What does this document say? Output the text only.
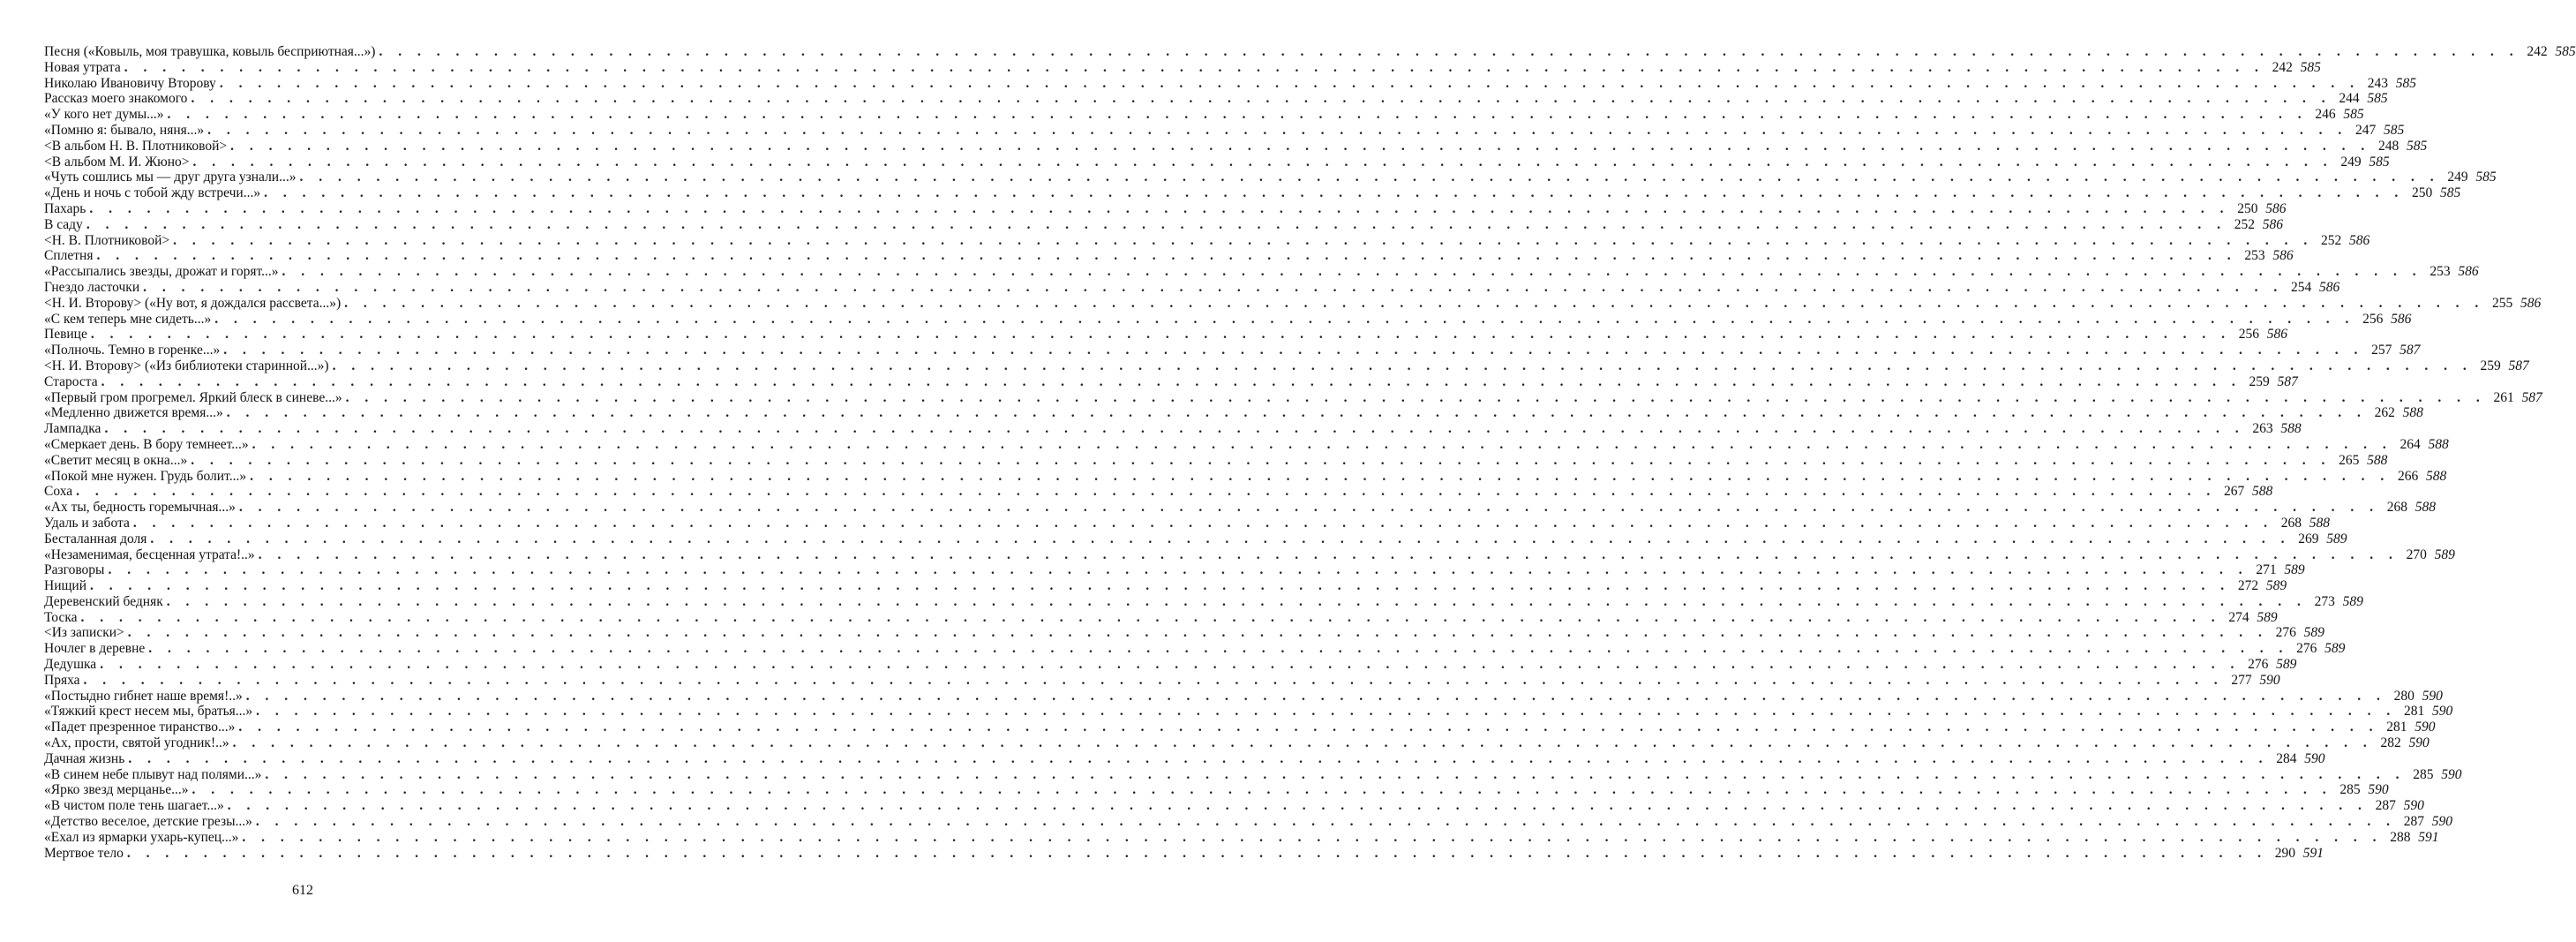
Песня («Ковыль, моя травушка, ковыль бесприютная...») . . .	242 585
Новая утрата . . .	242 585
Николаю Ивановичу Второву . . .	243 585
Рассказ моего знакомого . . .	244 585
«У кого нет думы...» . . .	246 585
«Помню я: бывало, няня...» . . .	247 585
<В альбом Н. В. Плотниковой> . . .	248 585
<В альбом М. И. Жюно> . . .	249 585
«Чуть сошлись мы — друг друга узнали...» . . .	249 585
«День и ночь с тобой жду встречи...» . . .	250 585
Пахарь . . .	250 586
В саду . . .	252 586
<Н. В. Плотниковой> . . .	252 586
Сплетня . . .	253 586
«Рассыпались звезды, дрожат и горят...» . . .	253 586
Гнездо ласточки . . .	254 586
<Н. И. Второву> («Ну вот, я дождался рассвета...») . . .	255 586
«С кем теперь мне сидеть...» . . .	256 586
Певице . . .	256 586
«Полночь. Темно в горенке...» . . .	257 587
<Н. И. Второву> («Из библиотеки старинной...») . . .	259 587
Староста . . .	259 587
«Первый гром прогремел. Яркий блеск в синеве...» . . .	261 587
«Медленно движется время...» . . .	262 588
Лампадка . . .	263 588
«Смеркает день. В бору темнеет...» . . .	264 588
«Светит месяц в окна...» . . .	265 588
«Покой мне нужен. Грудь болит...» . . .	266 588
Соха . . .	267 588
«Ах ты, бедность горемычная...» . . .	268 588
Удаль и забота . . .	268 588
Бесталанная доля . . .	269 589
«Незаменимая, бесценная утрата!..» . . .	270 589
Разговоры . . .	271 589
Нищий . . .	272 589
Деревенский бедняк . . .	273 589
Тоска . . .	274 589
<Из записки> . . .	276 589
Ночлег в деревне . . .	276 589
Дедушка . . .	276 589
Пряха . . .	277 590
«Постыдно гибнет наше время!..» . . .	280 590
«Тяжкий крест несем мы, братья...» . . .	281 590
«Падет презренное тиранство...» . . .	281 590
«Ах, прости, святой угодник!..» . . .	282 590
Дачная жизнь . . .	284 590
«В синем небе плывут над полями...» . . .	285 590
«Ярко звезд мерцанье...» . . .	285 590
«В чистом поле тень шагает...» . . .	287 590
«Детство веселое, детские грезы...» . . .	287 590
«Ехал из ярмарки ухарь-купец...» . . .	288 591
Мертвое тело . . .	290 591
612
